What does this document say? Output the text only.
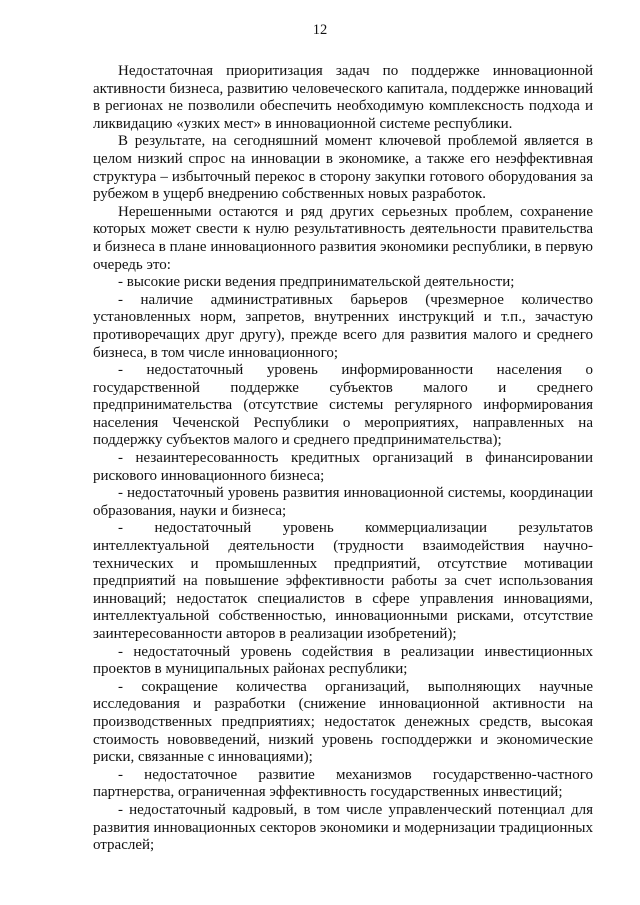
12

Недостаточная приоритизация задач по поддержке инновационной активности бизнеса, развитию человеческого капитала, поддержке инноваций в регионах не позволили обеспечить необходимую комплексность подхода и ликвидацию «узких мест» в инновационной системе республики.

В результате, на сегодняшний момент ключевой проблемой является в целом низкий спрос на инновации в экономике, а также его неэффективная структура – избыточный перекос в сторону закупки готового оборудования за рубежом в ущерб внедрению собственных новых разработок.

Нерешенными остаются и ряд других серьезных проблем, сохранение которых может свести к нулю результативность деятельности правительства и бизнеса в плане инновационного развития экономики республики, в первую очередь это:

- высокие риски ведения предпринимательской деятельности;

- наличие административных барьеров (чрезмерное количество установленных норм, запретов, внутренних инструкций и т.п., зачастую противоречащих друг другу), прежде всего для развития малого и среднего бизнеса, в том числе инновационного;

- недостаточный уровень информированности населения о государственной поддержке субъектов малого и среднего предпринимательства (отсутствие системы регулярного информирования населения Чеченской Республики о мероприятиях, направленных на поддержку субъектов малого и среднего предпринимательства);

- незаинтересованность кредитных организаций в финансировании рискового инновационного бизнеса;

- недостаточный уровень развития инновационной системы, координации образования, науки и бизнеса;

- недостаточный уровень коммерциализации результатов интеллектуальной деятельности (трудности взаимодействия научно-технических и промышленных предприятий, отсутствие мотивации предприятий на повышение эффективности работы за счет использования инноваций; недостаток специалистов в сфере управления инновациями, интеллектуальной собственностью, инновационными рисками, отсутствие заинтересованности авторов в реализации изобретений);

- недостаточный уровень содействия в реализации инвестиционных проектов в муниципальных районах республики;

- сокращение количества организаций, выполняющих научные исследования и разработки (снижение инновационной активности на производственных предприятиях; недостаток денежных средств, высокая стоимость нововведений, низкий уровень господдержки и экономические риски, связанные с инновациями);

- недостаточное развитие механизмов государственно-частного партнерства, ограниченная эффективность государственных инвестиций;

- недостаточный кадровый, в том числе управленческий потенциал для развития инновационных секторов экономики и модернизации традиционных отраслей;
